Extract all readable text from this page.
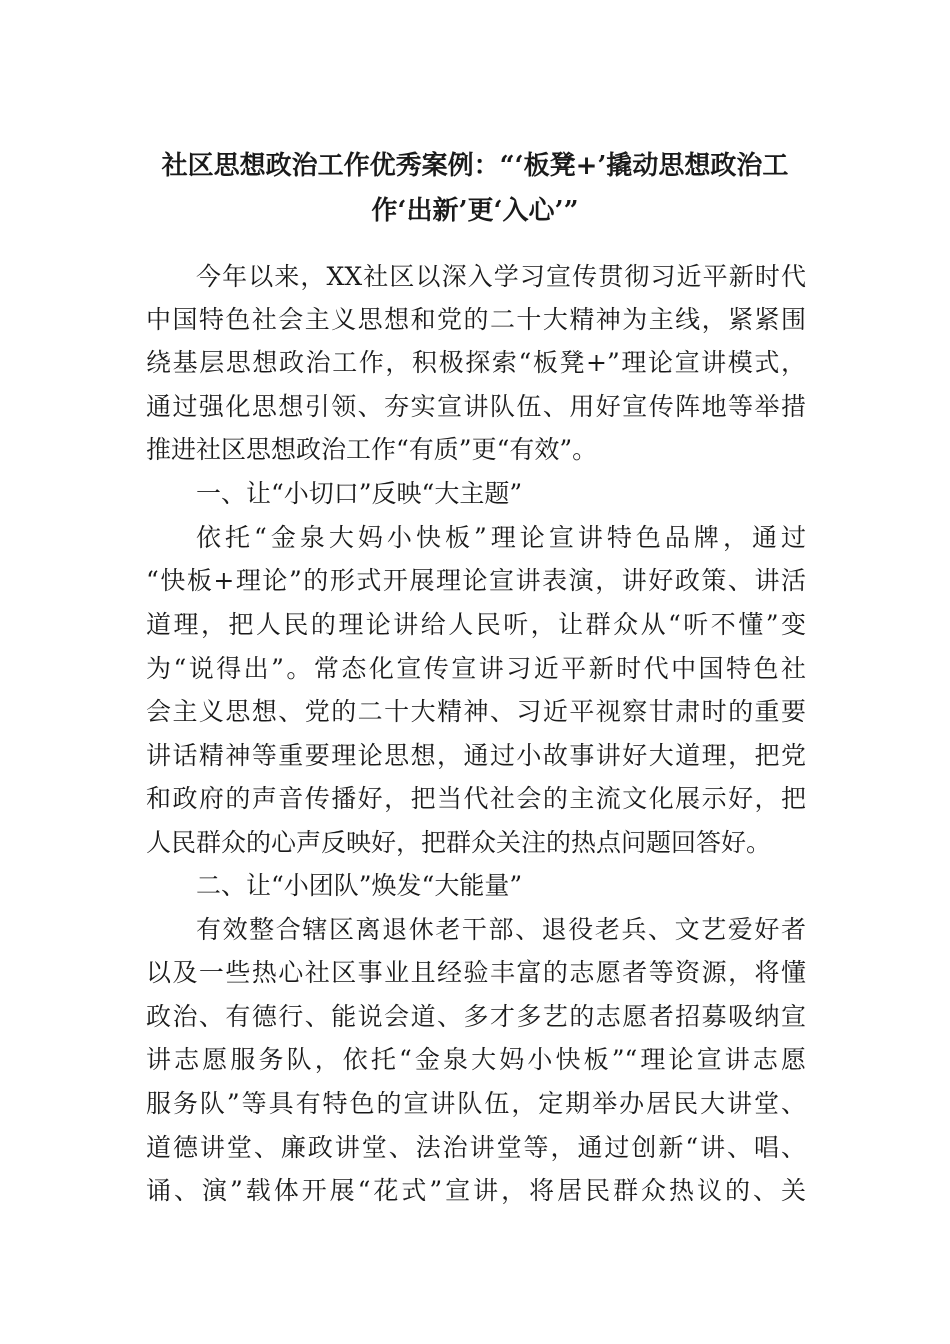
社区思想政治工作优秀案例：“‘板凳+’撬动思想政治工
作‘出新’更‘入心’”
今年以来，XX社区以深入学习宣传贯彻习近平新时代
中国特色社会主义思想和党的二十大精神为主线，紧紧围
绕基层思想政治工作，积极探索“板凳+”理论宣讲模式，
通过强化思想引领、夯实宣讲队伍、用好宣传阵地等举措
推进社区思想政治工作“有质”更“有效”。
一、让“小切口”反映“大主题”
依托“金泉大妈小快板”理论宣讲特色品牌，通过
“快板+理论”的形式开展理论宣讲表演，讲好政策、讲活
道理，把人民的理论讲给人民听，让群众从“听不懂”变
为“说得出”。常态化宣传宣讲习近平新时代中国特色社
会主义思想、党的二十大精神、习近平视察甘肃时的重要
讲话精神等重要理论思想，通过小故事讲好大道理，把党
和政府的声音传播好，把当代社会的主流文化展示好，把
人民群众的心声反映好，把群众关注的热点问题回答好。
二、让“小团队”焕发“大能量”
有效整合辖区离退休老干部、退役老兵、文艺爱好者
以及一些热心社区事业且经验丰富的志愿者等资源，将懂
政治、有德行、能说会道、多才多艺的志愿者招募吸纳宣
讲志愿服务队，依托“金泉大妈小快板”“理论宣讲志愿
服务队”等具有特色的宣讲队伍，定期举办居民大讲堂、
道德讲堂、廉政讲堂、法治讲堂等，通过创新“讲、唱、
诵、演”载体开展“花式”宣讲，将居民群众热议的、关
